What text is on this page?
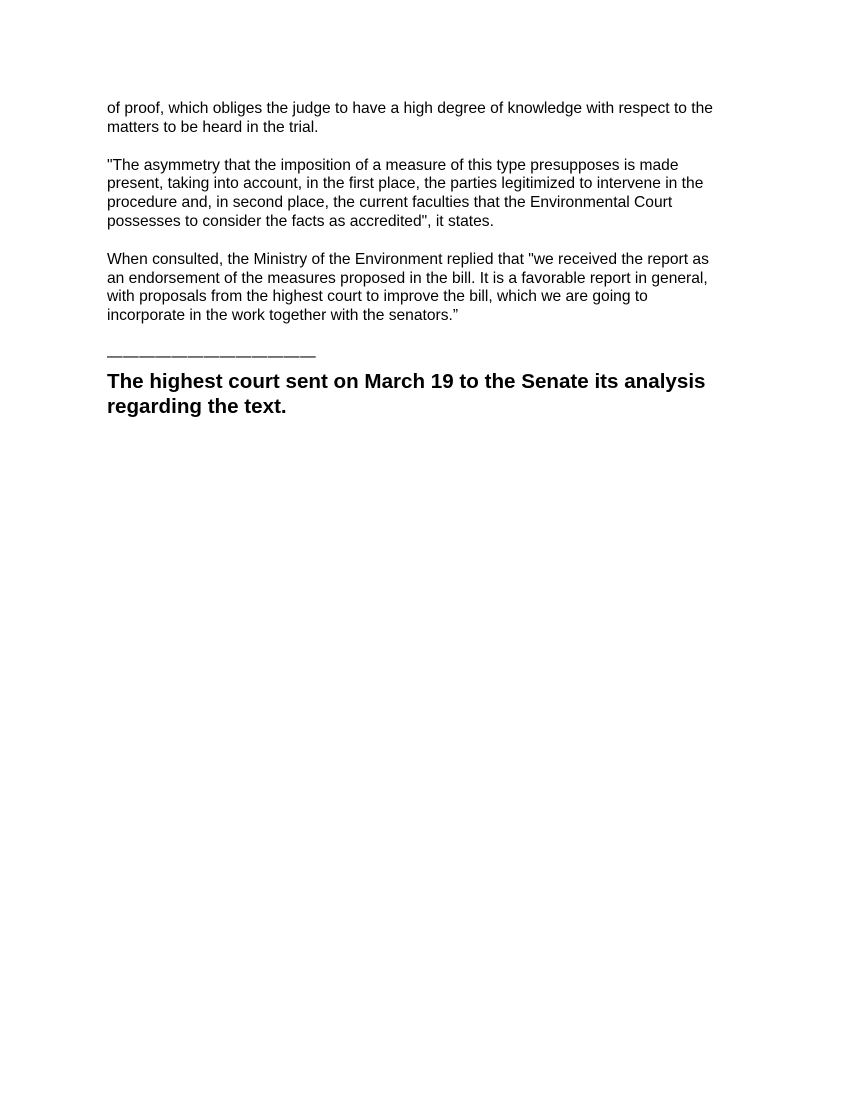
of proof, which obliges the judge to have a high degree of knowledge with respect to the
matters to be heard in the trial.

"The asymmetry that the imposition of a measure of this type presupposes is made
present, taking into account, in the first place, the parties legitimized to intervene in the
procedure and, in second place, the current faculties that the Environmental Court
possesses to consider the facts as accredited", it states.

When consulted, the Ministry of the Environment replied that "we received the report as
an endorsement of the measures proposed in the bill. It is a favorable report in general,
with proposals from the highest court to improve the bill, which we are going to
incorporate in the work together with the senators.”

—————————————
The highest court sent on March 19 to the Senate its analysis
regarding the text.
